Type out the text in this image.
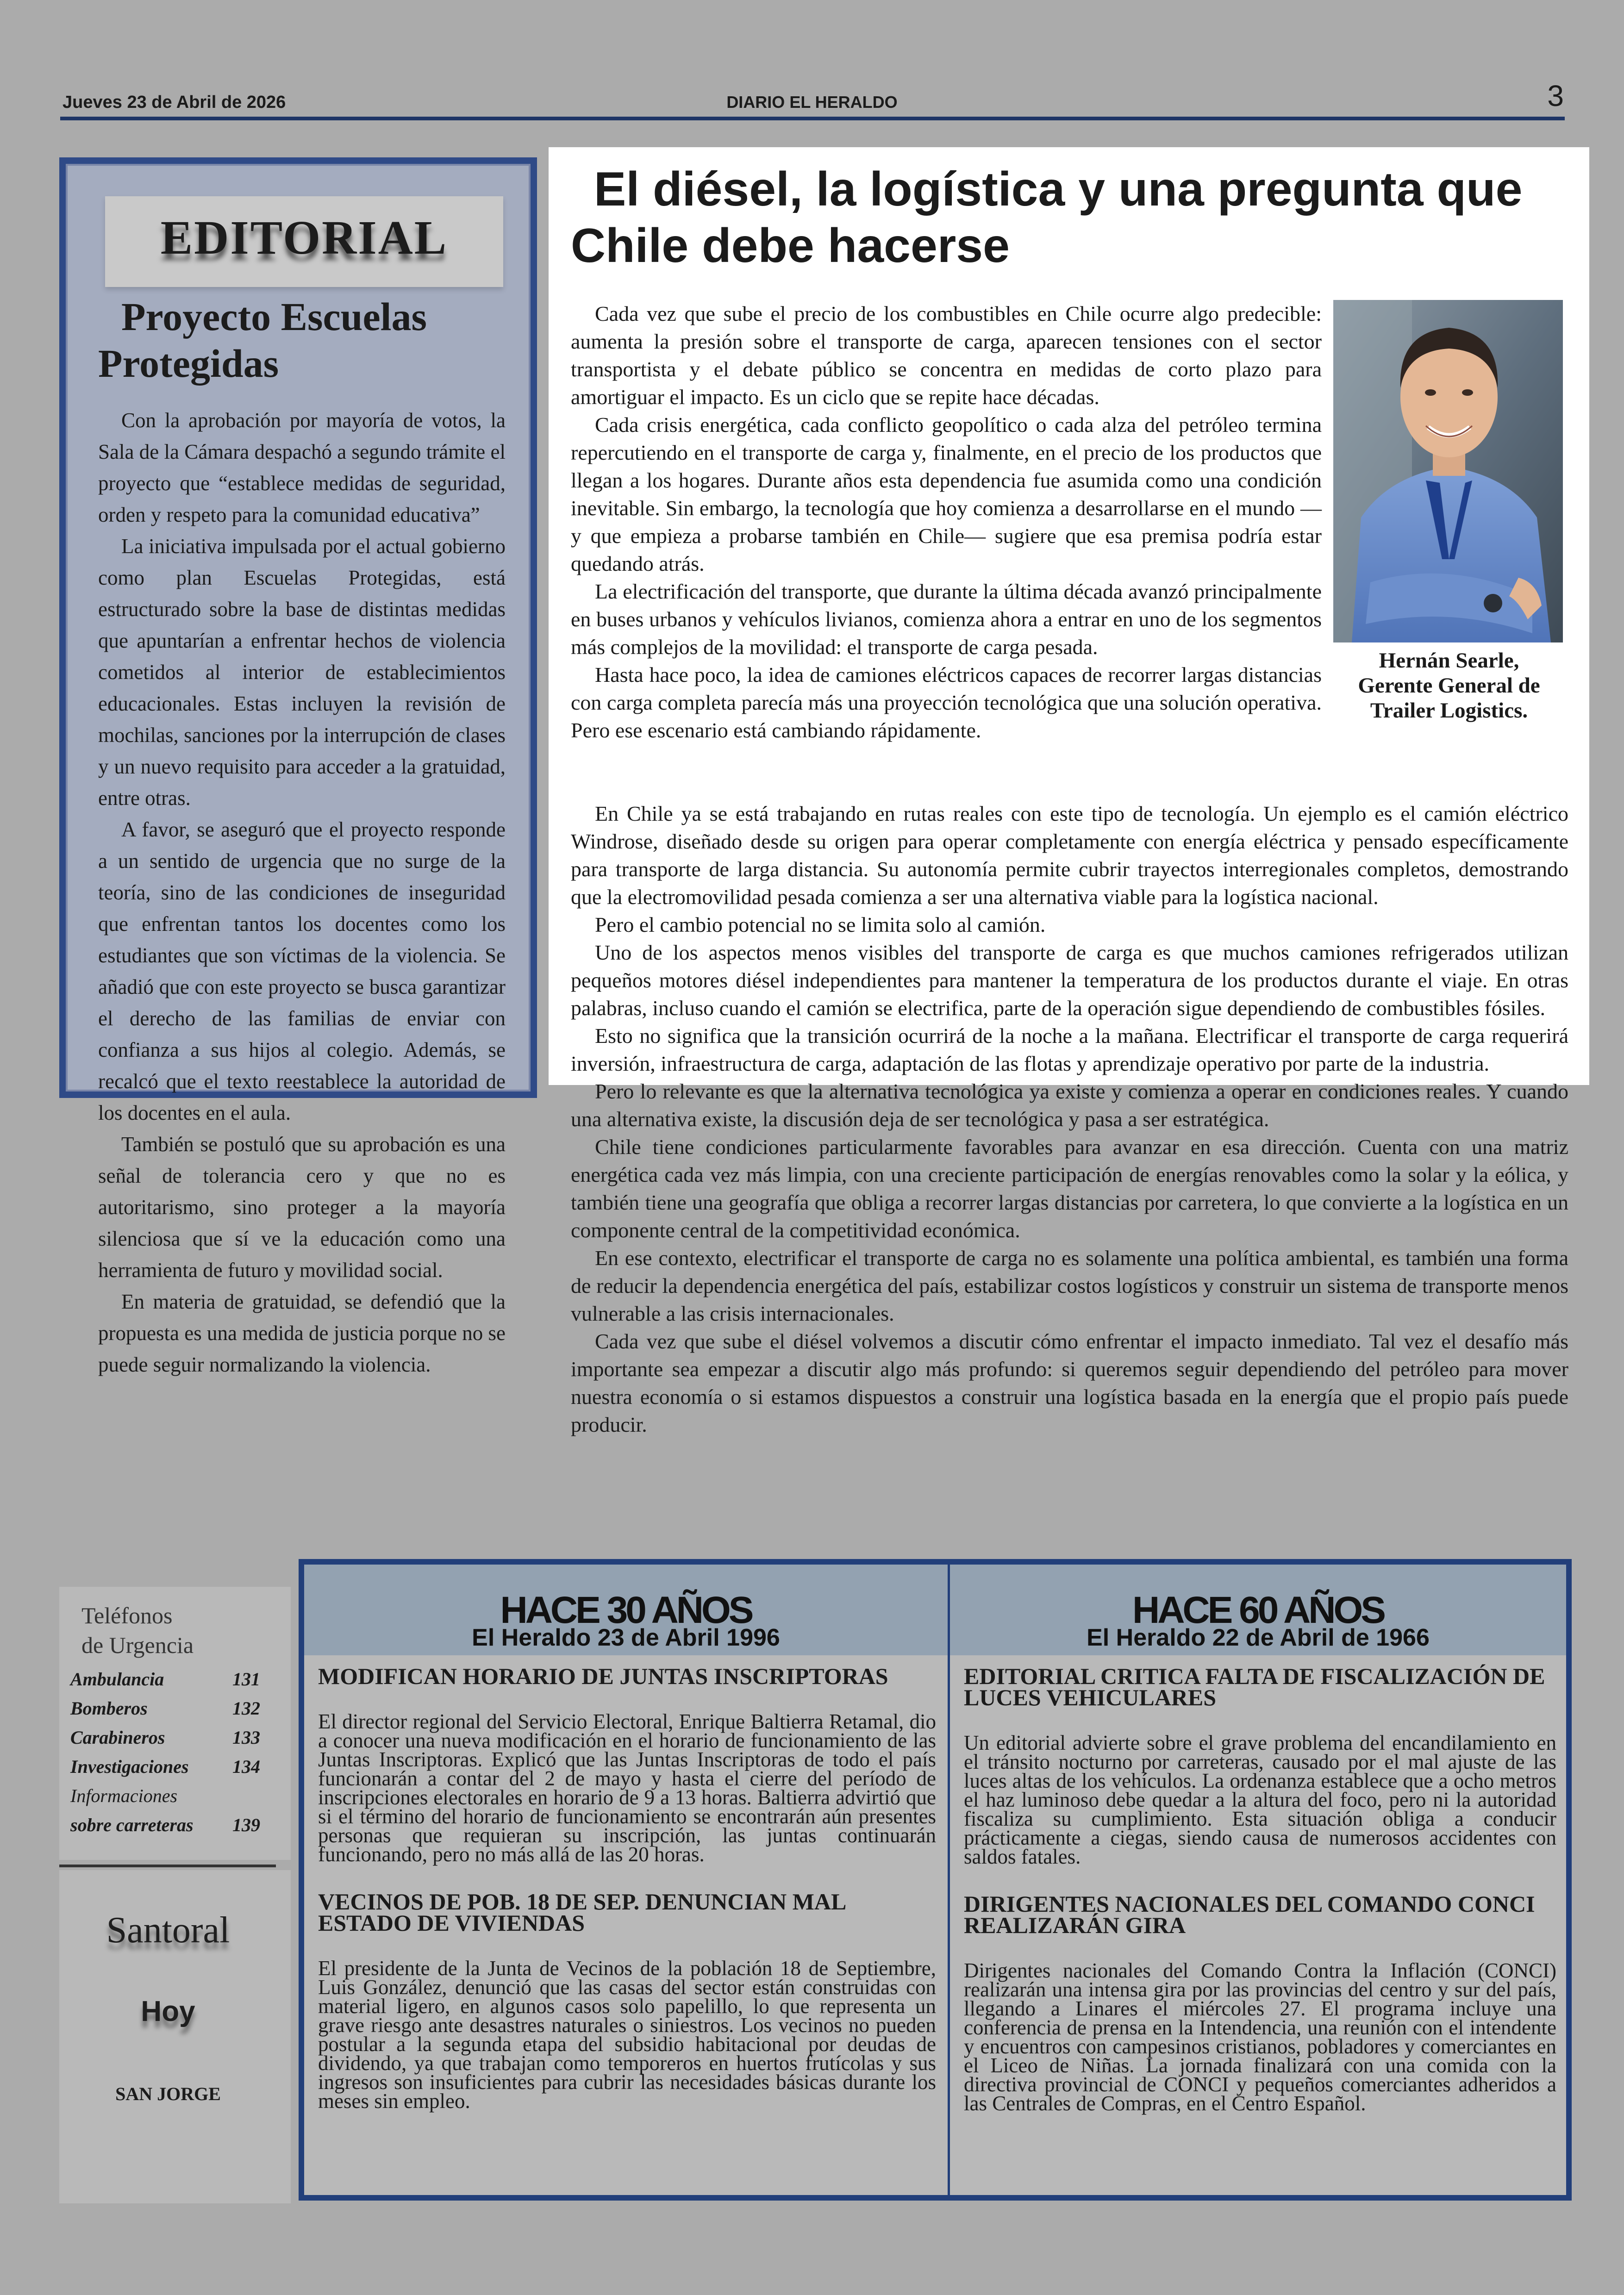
Jueves 23 de Abril de 2026	DIARIO EL HERALDO	3
EDITORIAL
Proyecto Escuelas
Protegidas

Con la aprobación por mayoría de votos, la Sala de la Cámara despachó a segundo trámite el proyecto que “establece medidas de seguridad, orden y respeto para la comunidad educativa”

La iniciativa impulsada por el actual gobierno como plan Escuelas Protegidas, está estructurado sobre la base de distintas medidas que apuntarían a enfrentar hechos de violencia cometidos al interior de establecimientos educacionales. Estas incluyen la revisión de mochilas, sanciones por la interrupción de clases y un nuevo requisito para acceder a la gratuidad, entre otras.

A favor, se aseguró que el proyecto responde a un sentido de urgencia que no surge de la teoría, sino de las condiciones de inseguridad que enfrentan tantos los docentes como los estudiantes que son víctimas de la violencia. Se añadió que con este proyecto se busca garantizar el derecho de las familias de enviar con confianza a sus hijos al colegio. Además, se recalcó que el texto reestablece la autoridad de los docentes en el aula.

También se postuló que su aprobación es una señal de tolerancia cero y que no es autoritarismo, sino proteger a la mayoría silenciosa que sí ve la educación como una herramienta de futuro y movilidad social.

En materia de gratuidad, se defendió que la propuesta es una medida de justicia porque no se puede seguir normalizando la violencia.

El diésel, la logística y una pregunta que
Chile debe hacerse

Cada vez que sube el precio de los combustibles en Chile ocurre algo predecible: aumenta la presión sobre el transporte de carga, aparecen tensiones con el sector transportista y el debate público se concentra en medidas de corto plazo para amortiguar el impacto. Es un ciclo que se repite hace décadas.

Cada crisis energética, cada conflicto geopolítico o cada alza del petróleo termina repercutiendo en el transporte de carga y, finalmente, en el precio de los productos que llegan a los hogares. Durante años esta dependencia fue asumida como una condición inevitable. Sin embargo, la tecnología que hoy comienza a desarrollarse en el mundo —y que empieza a probarse también en Chile— sugiere que esa premisa podría estar quedando atrás.

La electrificación del transporte, que durante la última década avanzó principalmente en buses urbanos y vehículos livianos, comienza ahora a entrar en uno de los segmentos más complejos de la movilidad: el transporte de carga pesada.

Hasta hace poco, la idea de camiones eléctricos capaces de recorrer largas distancias con carga completa parecía más una proyección tecnológica que una solución operativa. Pero ese escenario está cambiando rápidamente.

Hernán Searle,
Gerente General de
Trailer Logistics.

En Chile ya se está trabajando en rutas reales con este tipo de tecnología. Un ejemplo es el camión eléctrico Windrose, diseñado desde su origen para operar completamente con energía eléctrica y pensado específicamente para transporte de larga distancia. Su autonomía permite cubrir trayectos interregionales completos, demostrando que la electromovilidad pesada comienza a ser una alternativa viable para la logística nacional.

Pero el cambio potencial no se limita solo al camión.

Uno de los aspectos menos visibles del transporte de carga es que muchos camiones refrigerados utilizan pequeños motores diésel independientes para mantener la temperatura de los productos durante el viaje. En otras palabras, incluso cuando el camión se electrifica, parte de la operación sigue dependiendo de combustibles fósiles.

Esto no significa que la transición ocurrirá de la noche a la mañana. Electrificar el transporte de carga requerirá inversión, infraestructura de carga, adaptación de las flotas y aprendizaje operativo por parte de la industria.

Pero lo relevante es que la alternativa tecnológica ya existe y comienza a operar en condiciones reales. Y cuando una alternativa existe, la discusión deja de ser tecnológica y pasa a ser estratégica.

Chile tiene condiciones particularmente favorables para avanzar en esa dirección. Cuenta con una matriz energética cada vez más limpia, con una creciente participación de energías renovables como la solar y la eólica, y también tiene una geografía que obliga a recorrer largas distancias por carretera, lo que convierte a la logística en un componente central de la competitividad económica.

En ese contexto, electrificar el transporte de carga no es solamente una política ambiental, es también una forma de reducir la dependencia energética del país, estabilizar costos logísticos y construir un sistema de transporte menos vulnerable a las crisis internacionales.

Cada vez que sube el diésel volvemos a discutir cómo enfrentar el impacto inmediato. Tal vez el desafío más importante sea empezar a discutir algo más profundo: si queremos seguir dependiendo del petróleo para mover nuestra economía o si estamos dispuestos a construir una logística basada en la energía que el propio país puede producir.

Teléfonos
de Urgencia
Ambulancia	131
Bomberos	132
Carabineros	133
Investigaciones 134
Informaciones
sobre carreteras 139
Santoral
Hoy
SAN JORGE
HACE 30 AÑOS
El Heraldo 23 de Abril 1996
HACE 60 AÑOS
El Heraldo 22 de Abril de 1966
MODIFICAN HORARIO DE JUNTAS INSCRIPTORAS

El director regional del Servicio Electoral, Enrique Baltierra Retamal, dio a conocer una nueva modificación en el horario de funcionamiento de las Juntas Inscriptoras. Explicó que las Juntas Inscriptoras de todo el país funcionarán a contar del 2 de mayo y hasta el cierre del período de inscripciones electorales en horario de 9 a 13 horas. Baltierra advirtió que si el término del horario de funcionamiento se encontrarán aún presentes personas que requieran su inscripción, las juntas continuarán funcionando, pero no más allá de las 20 horas.

VECINOS DE POB. 18 DE SEP. DENUNCIAN MAL ESTADO DE VIVIENDAS

El presidente de la Junta de Vecinos de la población 18 de Septiembre, Luis González, denunció que las casas del sector están construidas con material ligero, en algunos casos solo papelillo, lo que representa un grave riesgo ante desastres naturales o siniestros. Los vecinos no pueden postular a la segunda etapa del subsidio habitacional por deudas de dividendo, ya que trabajan como temporeros en huertos frutícolas y sus ingresos son insuficientes para cubrir las necesidades básicas durante los meses sin empleo.

EDITORIAL CRITICA FALTA DE FISCALIZACIÓN DE LUCES VEHICULARES

Un editorial advierte sobre el grave problema del encandilamiento en el tránsito nocturno por carreteras, causado por el mal ajuste de las luces altas de los vehículos. La ordenanza establece que a ocho metros el haz luminoso debe quedar a la altura del foco, pero ni la autoridad fiscaliza su cumplimiento. Esta situación obliga a conducir prácticamente a ciegas, siendo causa de numerosos accidentes con saldos fatales.

DIRIGENTES NACIONALES DEL COMANDO CONCI REALIZARÁN GIRA

Dirigentes nacionales del Comando Contra la Inflación (CONCI) realizarán una intensa gira por las provincias del centro y sur del país, llegando a Linares el miércoles 27. El programa incluye una conferencia de prensa en la Intendencia, una reunión con el intendente y encuentros con campesinos cristianos, pobladores y comerciantes en el Liceo de Niñas. La jornada finalizará con una comida con la directiva provincial de CONCI y pequeños comerciantes adheridos a las Centrales de Compras, en el Centro Español.
